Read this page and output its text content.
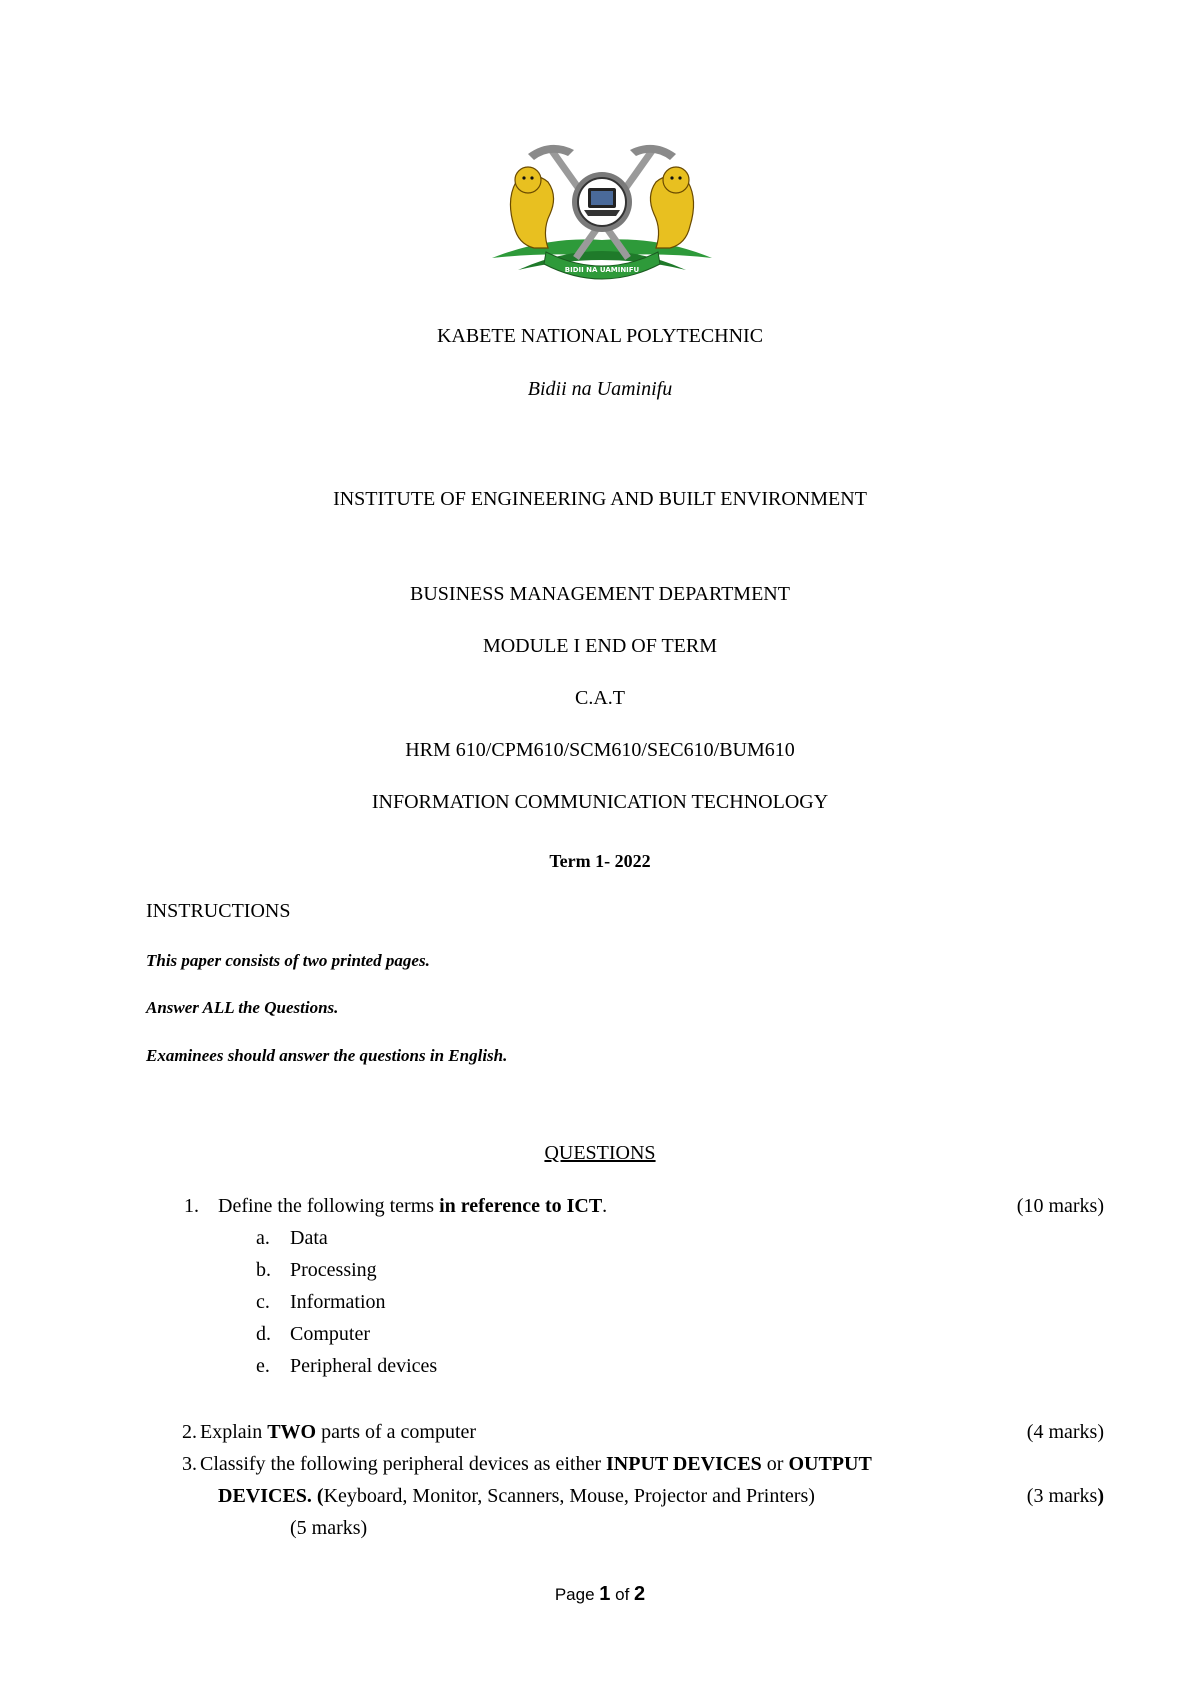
BIDII NA UAMINIFU
KABETE NATIONAL POLYTECHNIC
Bidii na Uaminifu
INSTITUTE OF ENGINEERING AND BUILT ENVIRONMENT
BUSINESS MANAGEMENT DEPARTMENT
MODULE I END OF TERM
C.A.T
HRM 610/CPM610/SCM610/SEC610/BUM610
INFORMATION COMMUNICATION TECHNOLOGY
Term 1- 2022
INSTRUCTIONS
This paper consists of two printed pages.
Answer ALL the Questions.
Examinees should answer the questions in English.
QUESTIONS
1. Define the following terms in reference to ICT.	(10 marks)
a. Data
b. Processing
c. Information
d. Computer
e. Peripheral devices
2. Explain TWO parts of a computer	(4 marks)
3. Classify the following peripheral devices as either INPUT DEVICES or OUTPUT
DEVICES. (Keyboard, Monitor, Scanners, Mouse, Projector and Printers)	(3 marks)
(5 marks)
Page 1 of 2
